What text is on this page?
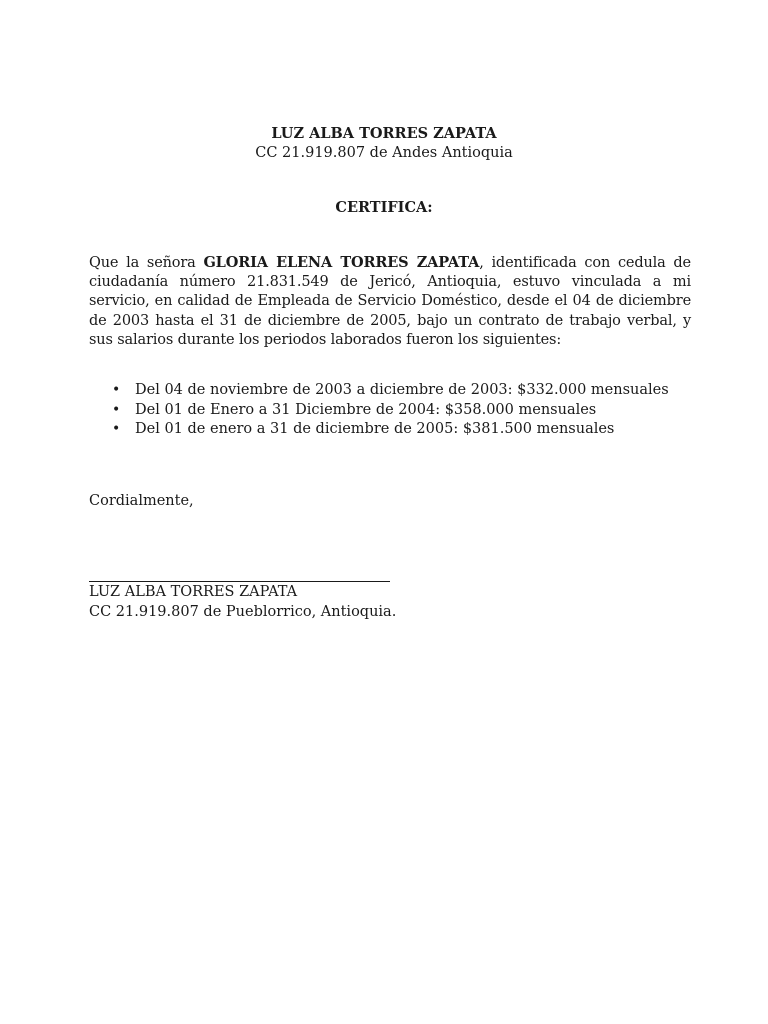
LUZ ALBA TORRES ZAPATA
CC 21.919.807 de Andes Antioquia
CERTIFICA:
Que la señora GLORIA ELENA TORRES ZAPATA, identificada con cedula de ciudadanía número 21.831.549 de Jericó, Antioquia, estuvo vinculada a mi servicio, en calidad de Empleada de Servicio Doméstico, desde el 04 de diciembre de 2003 hasta el 31 de diciembre de 2005, bajo un contrato de trabajo verbal, y sus salarios durante los periodos laborados fueron los siguientes:
• Del 04 de noviembre de 2003 a diciembre de 2003: $332.000 mensuales
• Del 01 de Enero a 31 Diciembre de 2004: $358.000 mensuales
• Del 01 de enero a 31 de diciembre de 2005: $381.500 mensuales
Cordialmente,
LUZ ALBA TORRES ZAPATA
CC 21.919.807 de Pueblorrico, Antioquia.
